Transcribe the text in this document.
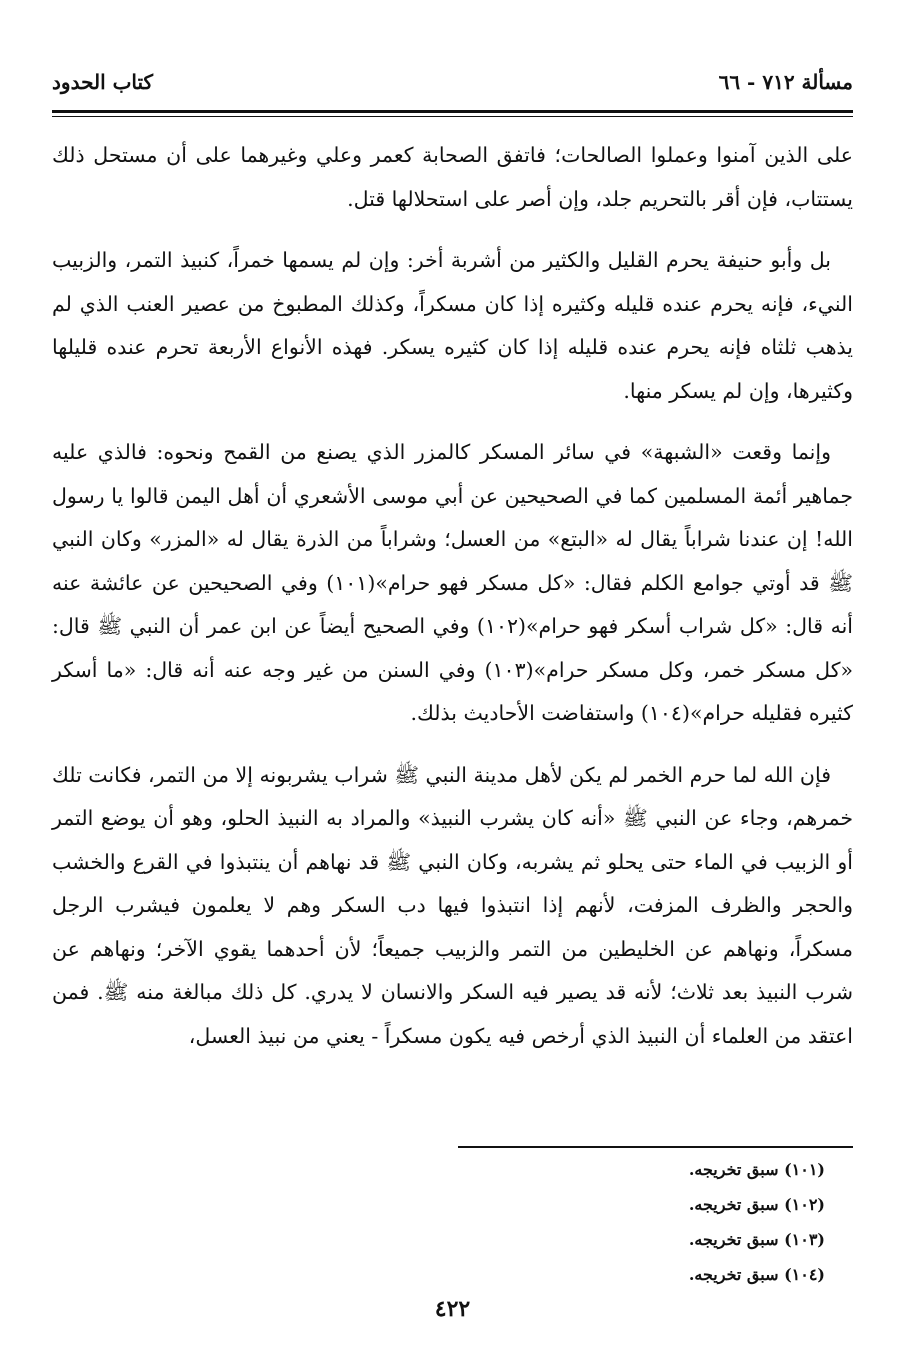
مسألة ٧١٢ - ٦٦
كتاب الحدود

على الذين آمنوا وعملوا الصالحات؛ فاتفق الصحابة كعمر وعلي وغيرهما على أن مستحل ذلك يستتاب، فإن أقر بالتحريم جلد، وإن أصر على استحلالها قتل.

بل وأبو حنيفة يحرم القليل والكثير من أشربة أخر: وإن لم يسمها خمراً، كنبيذ التمر، والزبيب النيء، فإنه يحرم عنده قليله وكثيره إذا كان مسكراً، وكذلك المطبوخ من عصير العنب الذي لم يذهب ثلثاه فإنه يحرم عنده قليله إذا كان كثيره يسكر. فهذه الأنواع الأربعة تحرم عنده قليلها وكثيرها، وإن لم يسكر منها.

وإنما وقعت «الشبهة» في سائر المسكر كالمزر الذي يصنع من القمح ونحوه: فالذي عليه جماهير أئمة المسلمين كما في الصحيحين عن أبي موسى الأشعري أن أهل اليمن قالوا يا رسول الله! إن عندنا شراباً يقال له «البتع» من العسل؛ وشراباً من الذرة يقال له «المزر» وكان النبي ﷺ قد أوتي جوامع الكلم فقال: «كل مسكر فهو حرام»(١٠١) وفي الصحيحين عن عائشة عنه أنه قال: «كل شراب أسكر فهو حرام»(١٠٢) وفي الصحيح أيضاً عن ابن عمر أن النبي ﷺ قال: «كل مسكر خمر، وكل مسكر حرام»(١٠٣) وفي السنن من غير وجه عنه أنه قال: «ما أسكر كثيره فقليله حرام»(١٠٤) واستفاضت الأحاديث بذلك.

فإن الله لما حرم الخمر لم يكن لأهل مدينة النبي ﷺ شراب يشربونه إلا من التمر، فكانت تلك خمرهم، وجاء عن النبي ﷺ «أنه كان يشرب النبيذ» والمراد به النبيذ الحلو، وهو أن يوضع التمر أو الزبيب في الماء حتى يحلو ثم يشربه، وكان النبي ﷺ قد نهاهم أن ينتبذوا في القرع والخشب والحجر والظرف المزفت، لأنهم إذا انتبذوا فيها دب السكر وهم لا يعلمون فيشرب الرجل مسكراً، ونهاهم عن الخليطين من التمر والزبيب جميعاً؛ لأن أحدهما يقوي الآخر؛ ونهاهم عن شرب النبيذ بعد ثلاث؛ لأنه قد يصير فيه السكر والانسان لا يدري. كل ذلك مبالغة منه ﷺ. فمن اعتقد من العلماء أن النبيذ الذي أرخص فيه يكون مسكراً - يعني من نبيذ العسل،

(١٠١) سبق تخريجه.
(١٠٢) سبق تخريجه.
(١٠٣) سبق تخريجه.
(١٠٤) سبق تخريجه.
٤٢٢
